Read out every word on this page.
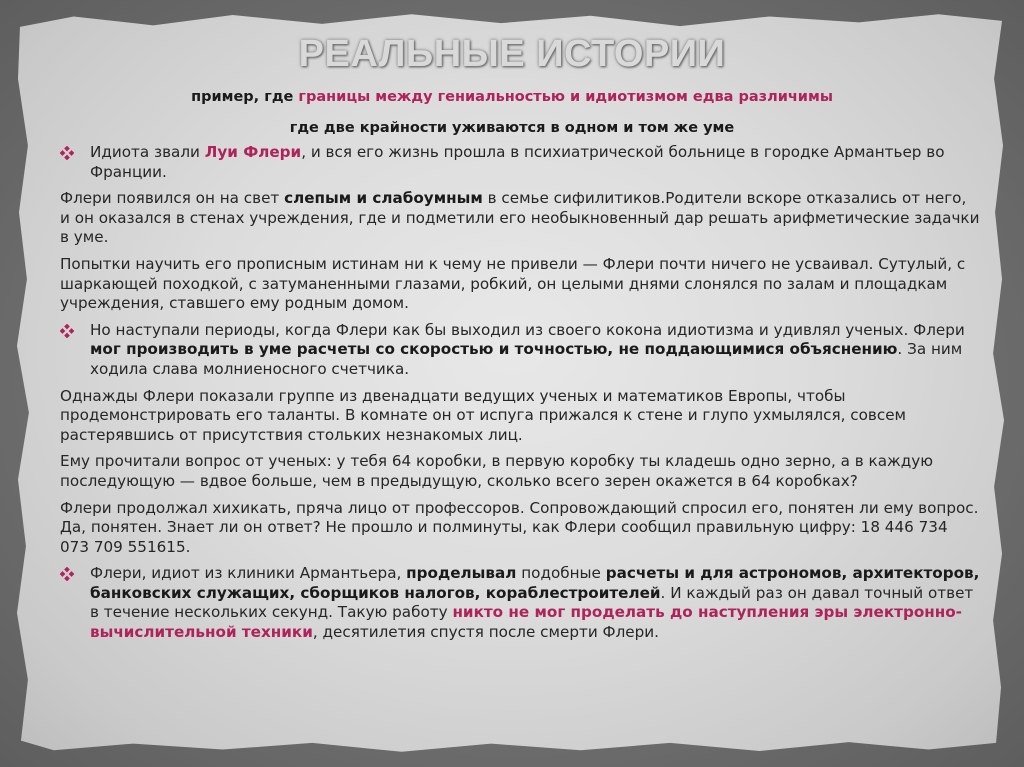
РЕАЛЬНЫЕ ИСТОРИИ
пример, где границы между гениальностью и идиотизмом едва различимы
где две крайности уживаются в одном и том же уме
Идиота звали Луи Флери, и вся его жизнь прошла в психиатрической больнице в городке Армантьер во Франции.
Флери появился он на свет слепым и слабоумным в семье сифилитиков.Родители вскоре отказались от него, и он оказался в стенах учреждения, где и подметили его необыкновенный дар решать арифметические задачки в уме.
Попытки научить его прописным истинам ни к чему не привели — Флери почти ничего не усваивал. Сутулый, с шаркающей походкой, с затуманенными глазами, робкий, он целыми днями слонялся по залам и площадкам учреждения, ставшего ему родным домом.
Но наступали периоды, когда Флери как бы выходил из своего кокона идиотизма и удивлял ученых. Флери мог производить в уме расчеты со скоростью и точностью, не поддающимися объяснению. За ним ходила слава молниеносного счетчика.
Однажды Флери показали группе из двенадцати ведущих ученых и математиков Европы, чтобы продемонстрировать его таланты. В комнате он от испуга прижался к стене и глупо ухмылялся, совсем растерявшись от присутствия стольких незнакомых лиц.
Ему прочитали вопрос от ученых: у тебя 64 коробки, в первую коробку ты кладешь одно зерно, а в каждую последующую — вдвое больше, чем в предыдущую, сколько всего зерен окажется в 64 коробках?
Флери продолжал хихикать, пряча лицо от профессоров. Сопровождающий спросил его, понятен ли ему вопрос. Да, понятен. Знает ли он ответ? Не прошло и полминуты, как Флери сообщил правильную цифру: 18 446 734 073 709 551615.
Флери, идиот из клиники Армантьера, проделывал подобные расчеты и для астрономов, архитекторов, банковских служащих, сборщиков налогов, кораблестроителей. И каждый раз он давал точный ответ в течение нескольких секунд. Такую работу никто не мог проделать до наступления эры электронно-вычислительной техники, десятилетия спустя после смерти Флери.
